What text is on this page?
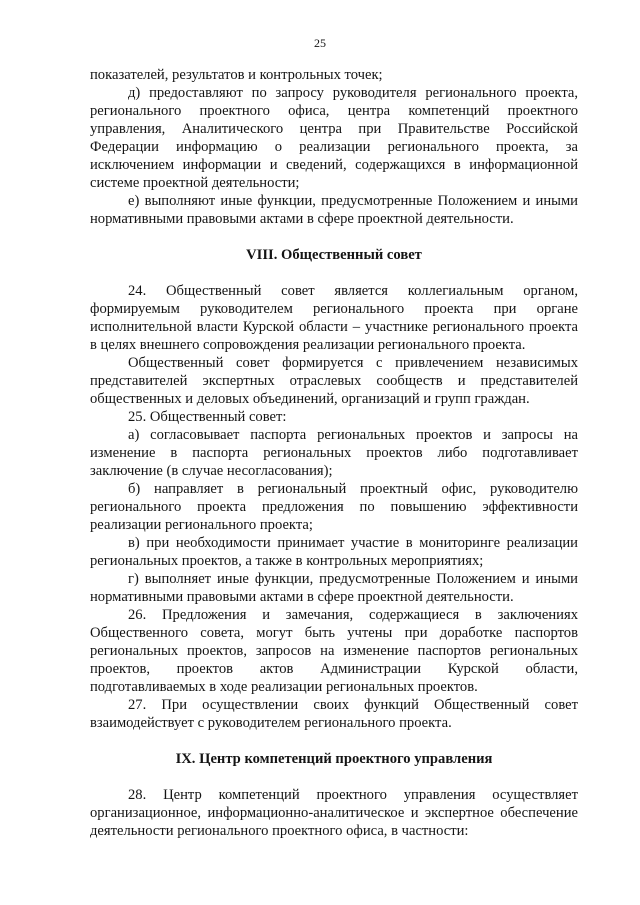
25

показателей, результатов и контрольных точек;

д) предоставляют по запросу руководителя регионального проекта, регионального проектного офиса, центра компетенций проектного управления, Аналитического центра при Правительстве Российской Федерации информацию о реализации регионального проекта, за исключением информации и сведений, содержащихся в информационной системе проектной деятельности;

е) выполняют иные функции, предусмотренные Положением и иными нормативными правовыми актами в сфере проектной деятельности.

VIII. Общественный совет

24. Общественный совет является коллегиальным органом, формируемым руководителем регионального проекта при органе исполнительной власти Курской области – участнике регионального проекта в целях внешнего сопровождения реализации регионального проекта.

Общественный совет формируется с привлечением независимых представителей экспертных отраслевых сообществ и представителей общественных и деловых объединений, организаций и групп граждан.

25. Общественный совет:

а) согласовывает паспорта региональных проектов и запросы на изменение в паспорта региональных проектов либо подготавливает заключение (в случае несогласования);

б) направляет в региональный проектный офис, руководителю регионального проекта предложения по повышению эффективности реализации регионального проекта;

в) при необходимости принимает участие в мониторинге реализации региональных проектов, а также в контрольных мероприятиях;

г) выполняет иные функции, предусмотренные Положением и иными нормативными правовыми актами в сфере проектной деятельности.

26. Предложения и замечания, содержащиеся в заключениях Общественного совета, могут быть учтены при доработке паспортов региональных проектов, запросов на изменение паспортов региональных проектов, проектов актов Администрации Курской области, подготавливаемых в ходе реализации региональных проектов.

27. При осуществлении своих функций Общественный совет взаимодействует с руководителем регионального проекта.

IX. Центр компетенций проектного управления

28. Центр компетенций проектного управления осуществляет организационное, информационно-аналитическое и экспертное обеспечение деятельности регионального проектного офиса, в частности:
